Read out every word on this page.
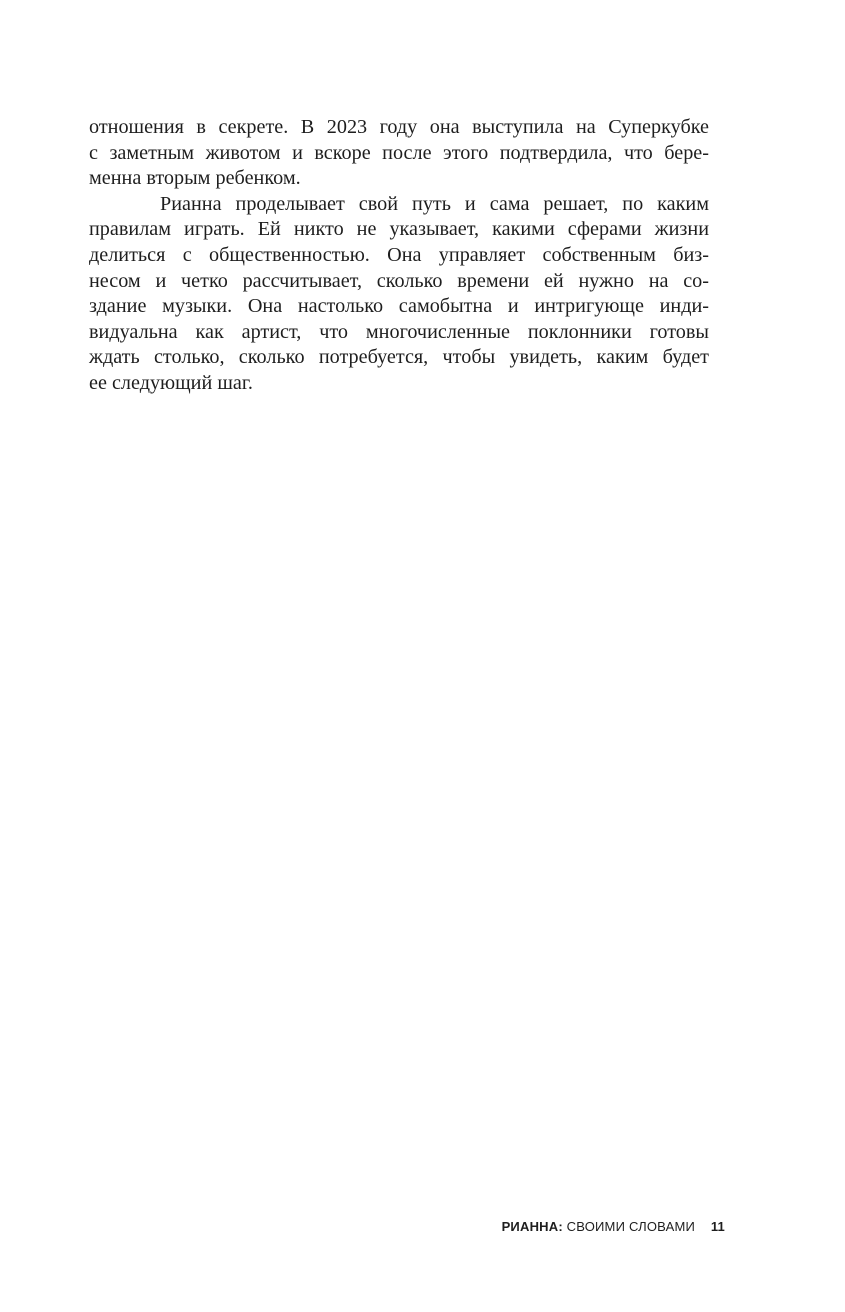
отношения в секрете. В 2023 году она выступила на Суперкубке
с заметным животом и вскоре после этого подтвердила, что бере-
менна вторым ребенком.
Рианна проделывает свой путь и сама решает, по каким
правилам играть. Ей никто не указывает, какими сферами жизни
делиться с общественностью. Она управляет собственным биз-
несом и четко рассчитывает, сколько времени ей нужно на со-
здание музыки. Она настолько самобытна и интригующе инди-
видуальна как артист, что многочисленные поклонники готовы
ждать столько, сколько потребуется, чтобы увидеть, каким будет
ее следующий шаг.
РИАННА: СВОИМИ СЛОВАМИ 11
